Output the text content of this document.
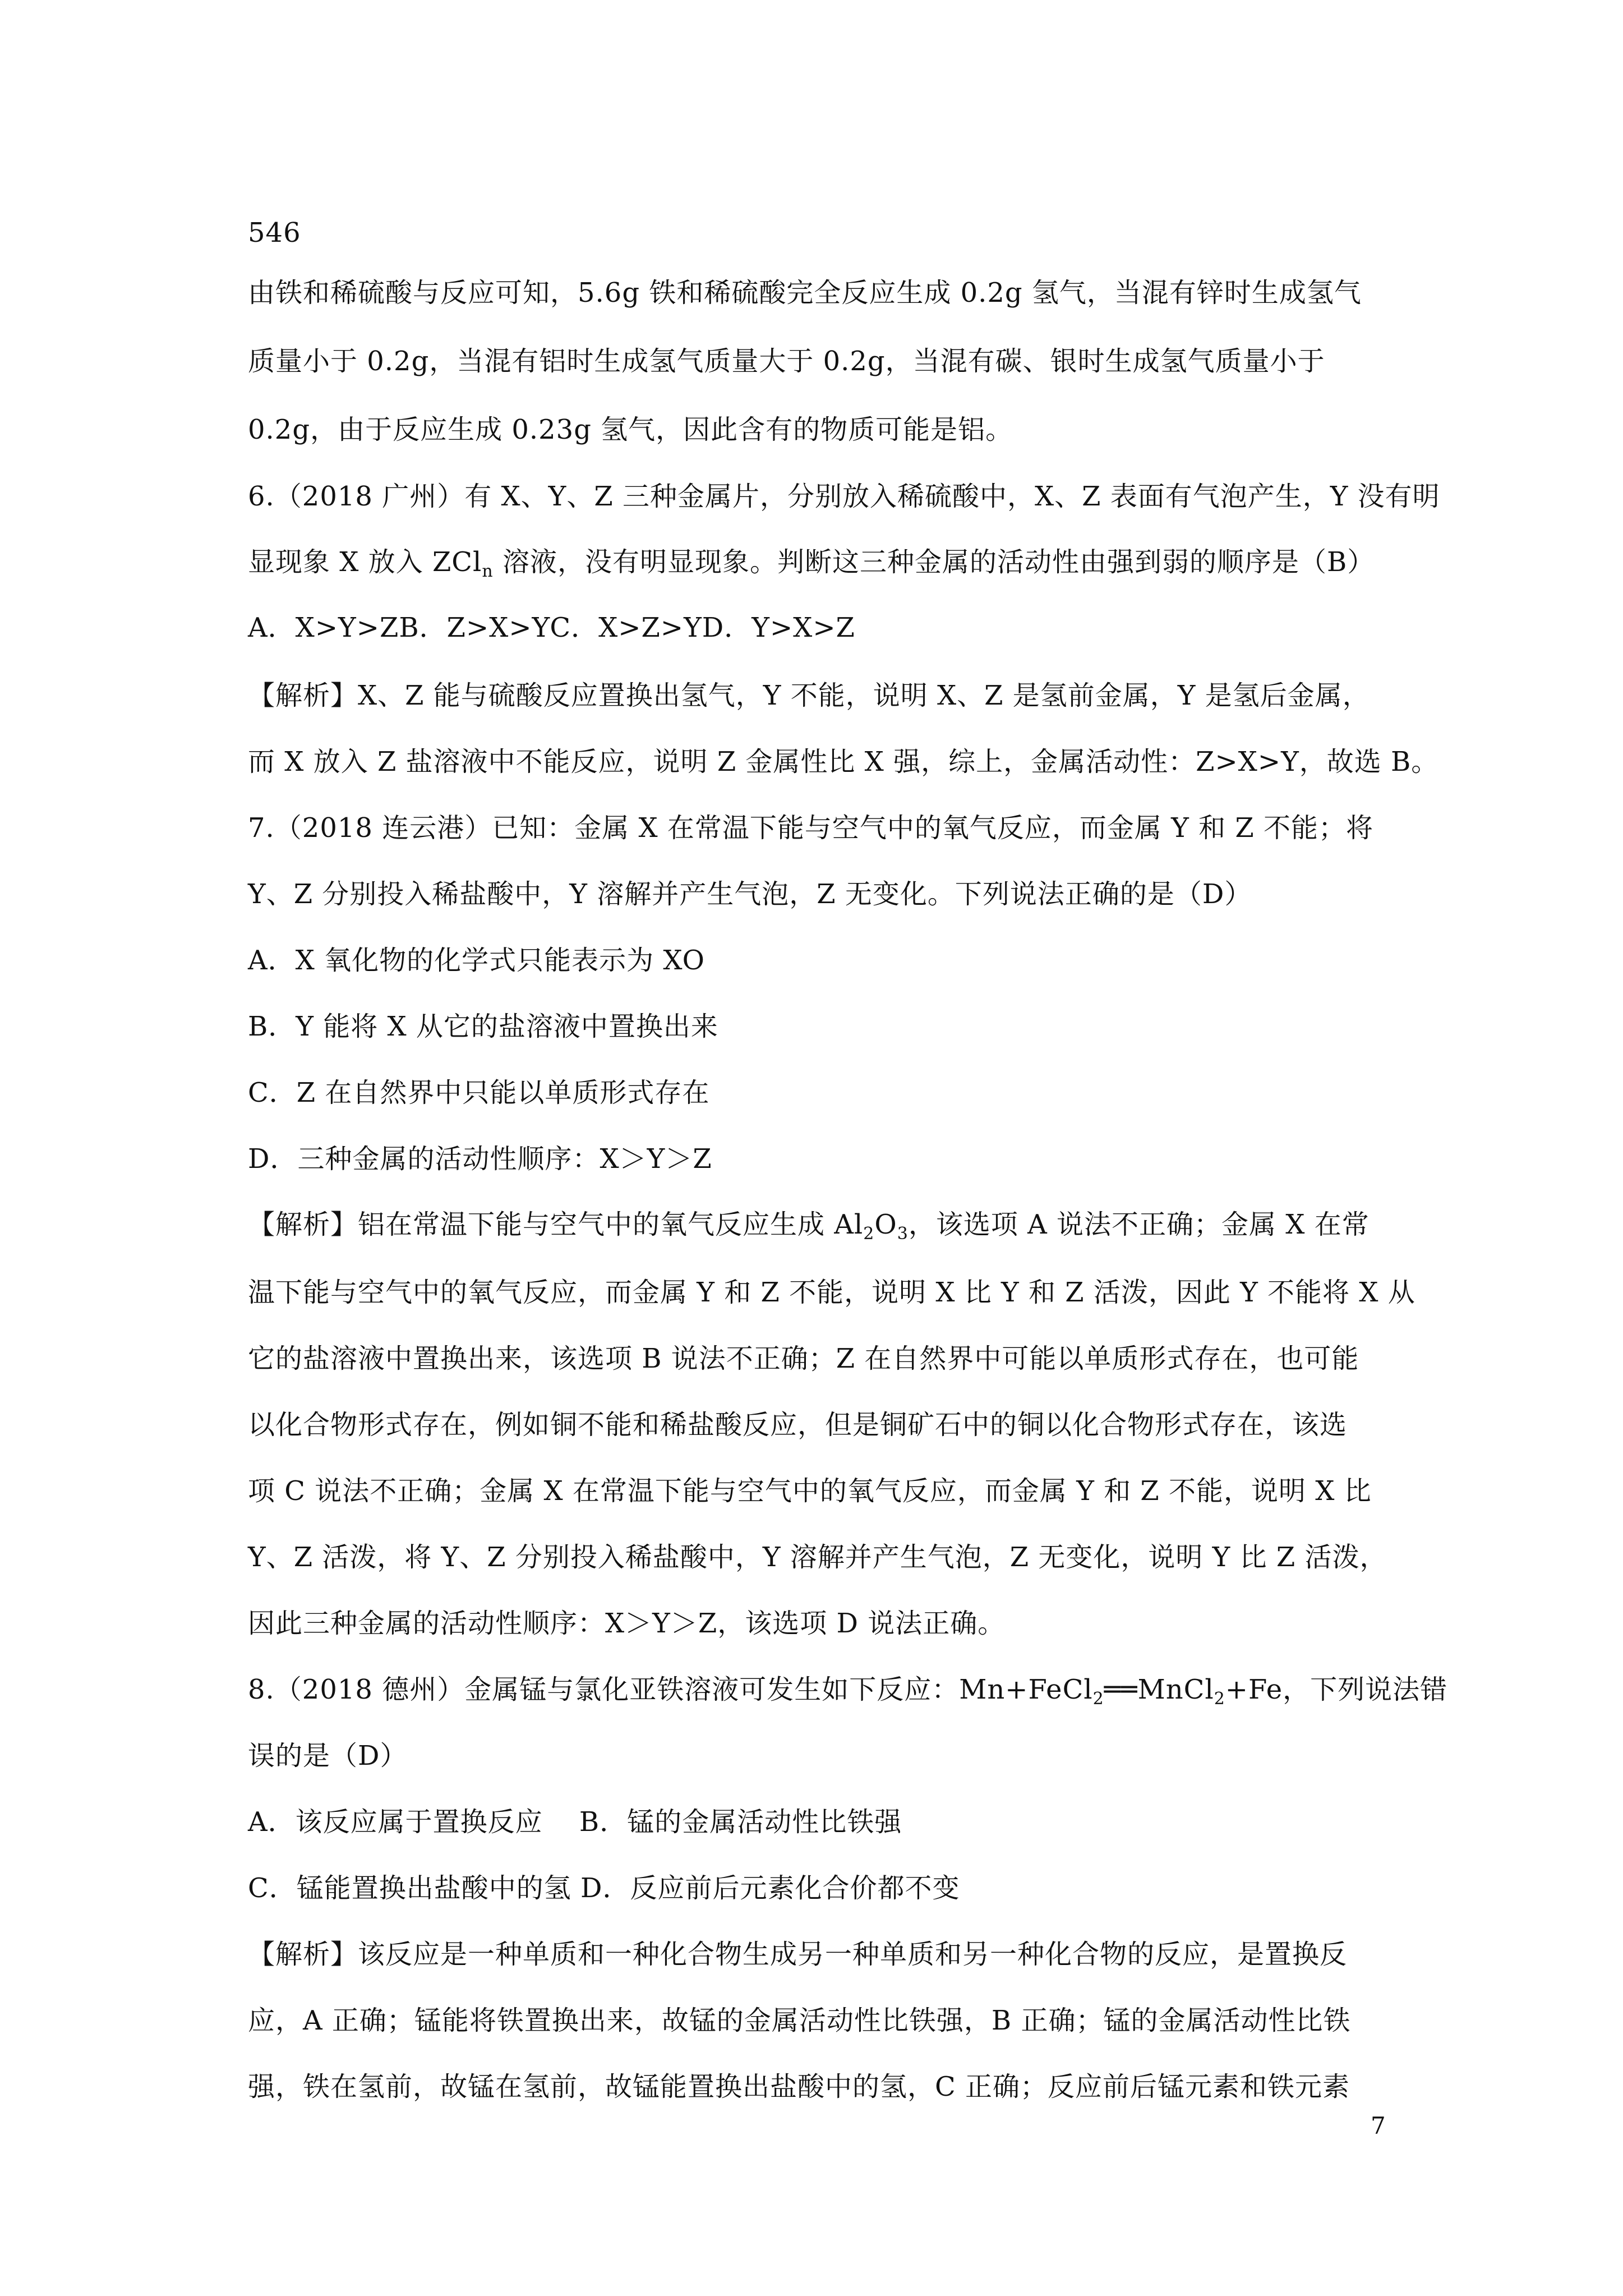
546
由铁和稀硫酸与反应可知，5.6g 铁和稀硫酸完全反应生成 0.2g 氢气，当混有锌时生成氢气
质量小于 0.2g，当混有铝时生成氢气质量大于 0.2g，当混有碳、银时生成氢气质量小于
0.2g，由于反应生成 0.23g 氢气，因此含有的物质可能是铝。
6.（2018 广州）有 X、Y、Z 三种金属片，分别放入稀硫酸中，X、Z 表面有气泡产生，Y 没有明
显现象 X 放入 ZCl$_n$ 溶液，没有明显现象。判断这三种金属的活动性由强到弱的顺序是（B）
A．X>Y>ZB．Z>X>YC．X>Z>YD．Y>X>Z
【解析】X、Z 能与硫酸反应置换出氢气，Y 不能，说明 X、Z 是氢前金属，Y 是氢后金属，
而 X 放入 Z 盐溶液中不能反应，说明 Z 金属性比 X 强，综上，金属活动性：Z>X>Y，故选 B。
7.（2018 连云港）已知：金属 X 在常温下能与空气中的氧气反应，而金属 Y 和 Z 不能；将
Y、Z 分别投入稀盐酸中，Y 溶解并产生气泡，Z 无变化。下列说法正确的是（D）
A．X 氧化物的化学式只能表示为 XO
B．Y 能将 X 从它的盐溶液中置换出来
C．Z 在自然界中只能以单质形式存在
D．三种金属的活动性顺序：X＞Y＞Z
【解析】铝在常温下能与空气中的氧气反应生成 $Al_2O_3$，该选项 A 说法不正确；金属 X 在常
温下能与空气中的氧气反应，而金属 Y 和 Z 不能，说明 X 比 Y 和 Z 活泼，因此 Y 不能将 X 从
它的盐溶液中置换出来，该选项 B 说法不正确；Z 在自然界中可能以单质形式存在，也可能
以化合物形式存在，例如铜不能和稀盐酸反应，但是铜矿石中的铜以化合物形式存在，该选
项 C 说法不正确；金属 X 在常温下能与空气中的氧气反应，而金属 Y 和 Z 不能，说明 X 比
Y、Z 活泼，将 Y、Z 分别投入稀盐酸中，Y 溶解并产生气泡，Z 无变化，说明 Y 比 Z 活泼，
因此三种金属的活动性顺序：X＞Y＞Z，该选项 D 说法正确。
8.（2018 德州）金属锰与氯化亚铁溶液可发生如下反应：Mn+FeCl$_2$══MnCl$_2$+Fe，下列说法错
误的是（D）
A．该反应属于置换反应　 B．锰的金属活动性比铁强
C．锰能置换出盐酸中的氢 D．反应前后元素化合价都不变
【解析】该反应是一种单质和一种化合物生成另一种单质和另一种化合物的反应，是置换反
应，A 正确；锰能将铁置换出来，故锰的金属活动性比铁强，B 正确；锰的金属活动性比铁
强，铁在氢前，故锰在氢前，故锰能置换出盐酸中的氢，C 正确；反应前后锰元素和铁元素
7
